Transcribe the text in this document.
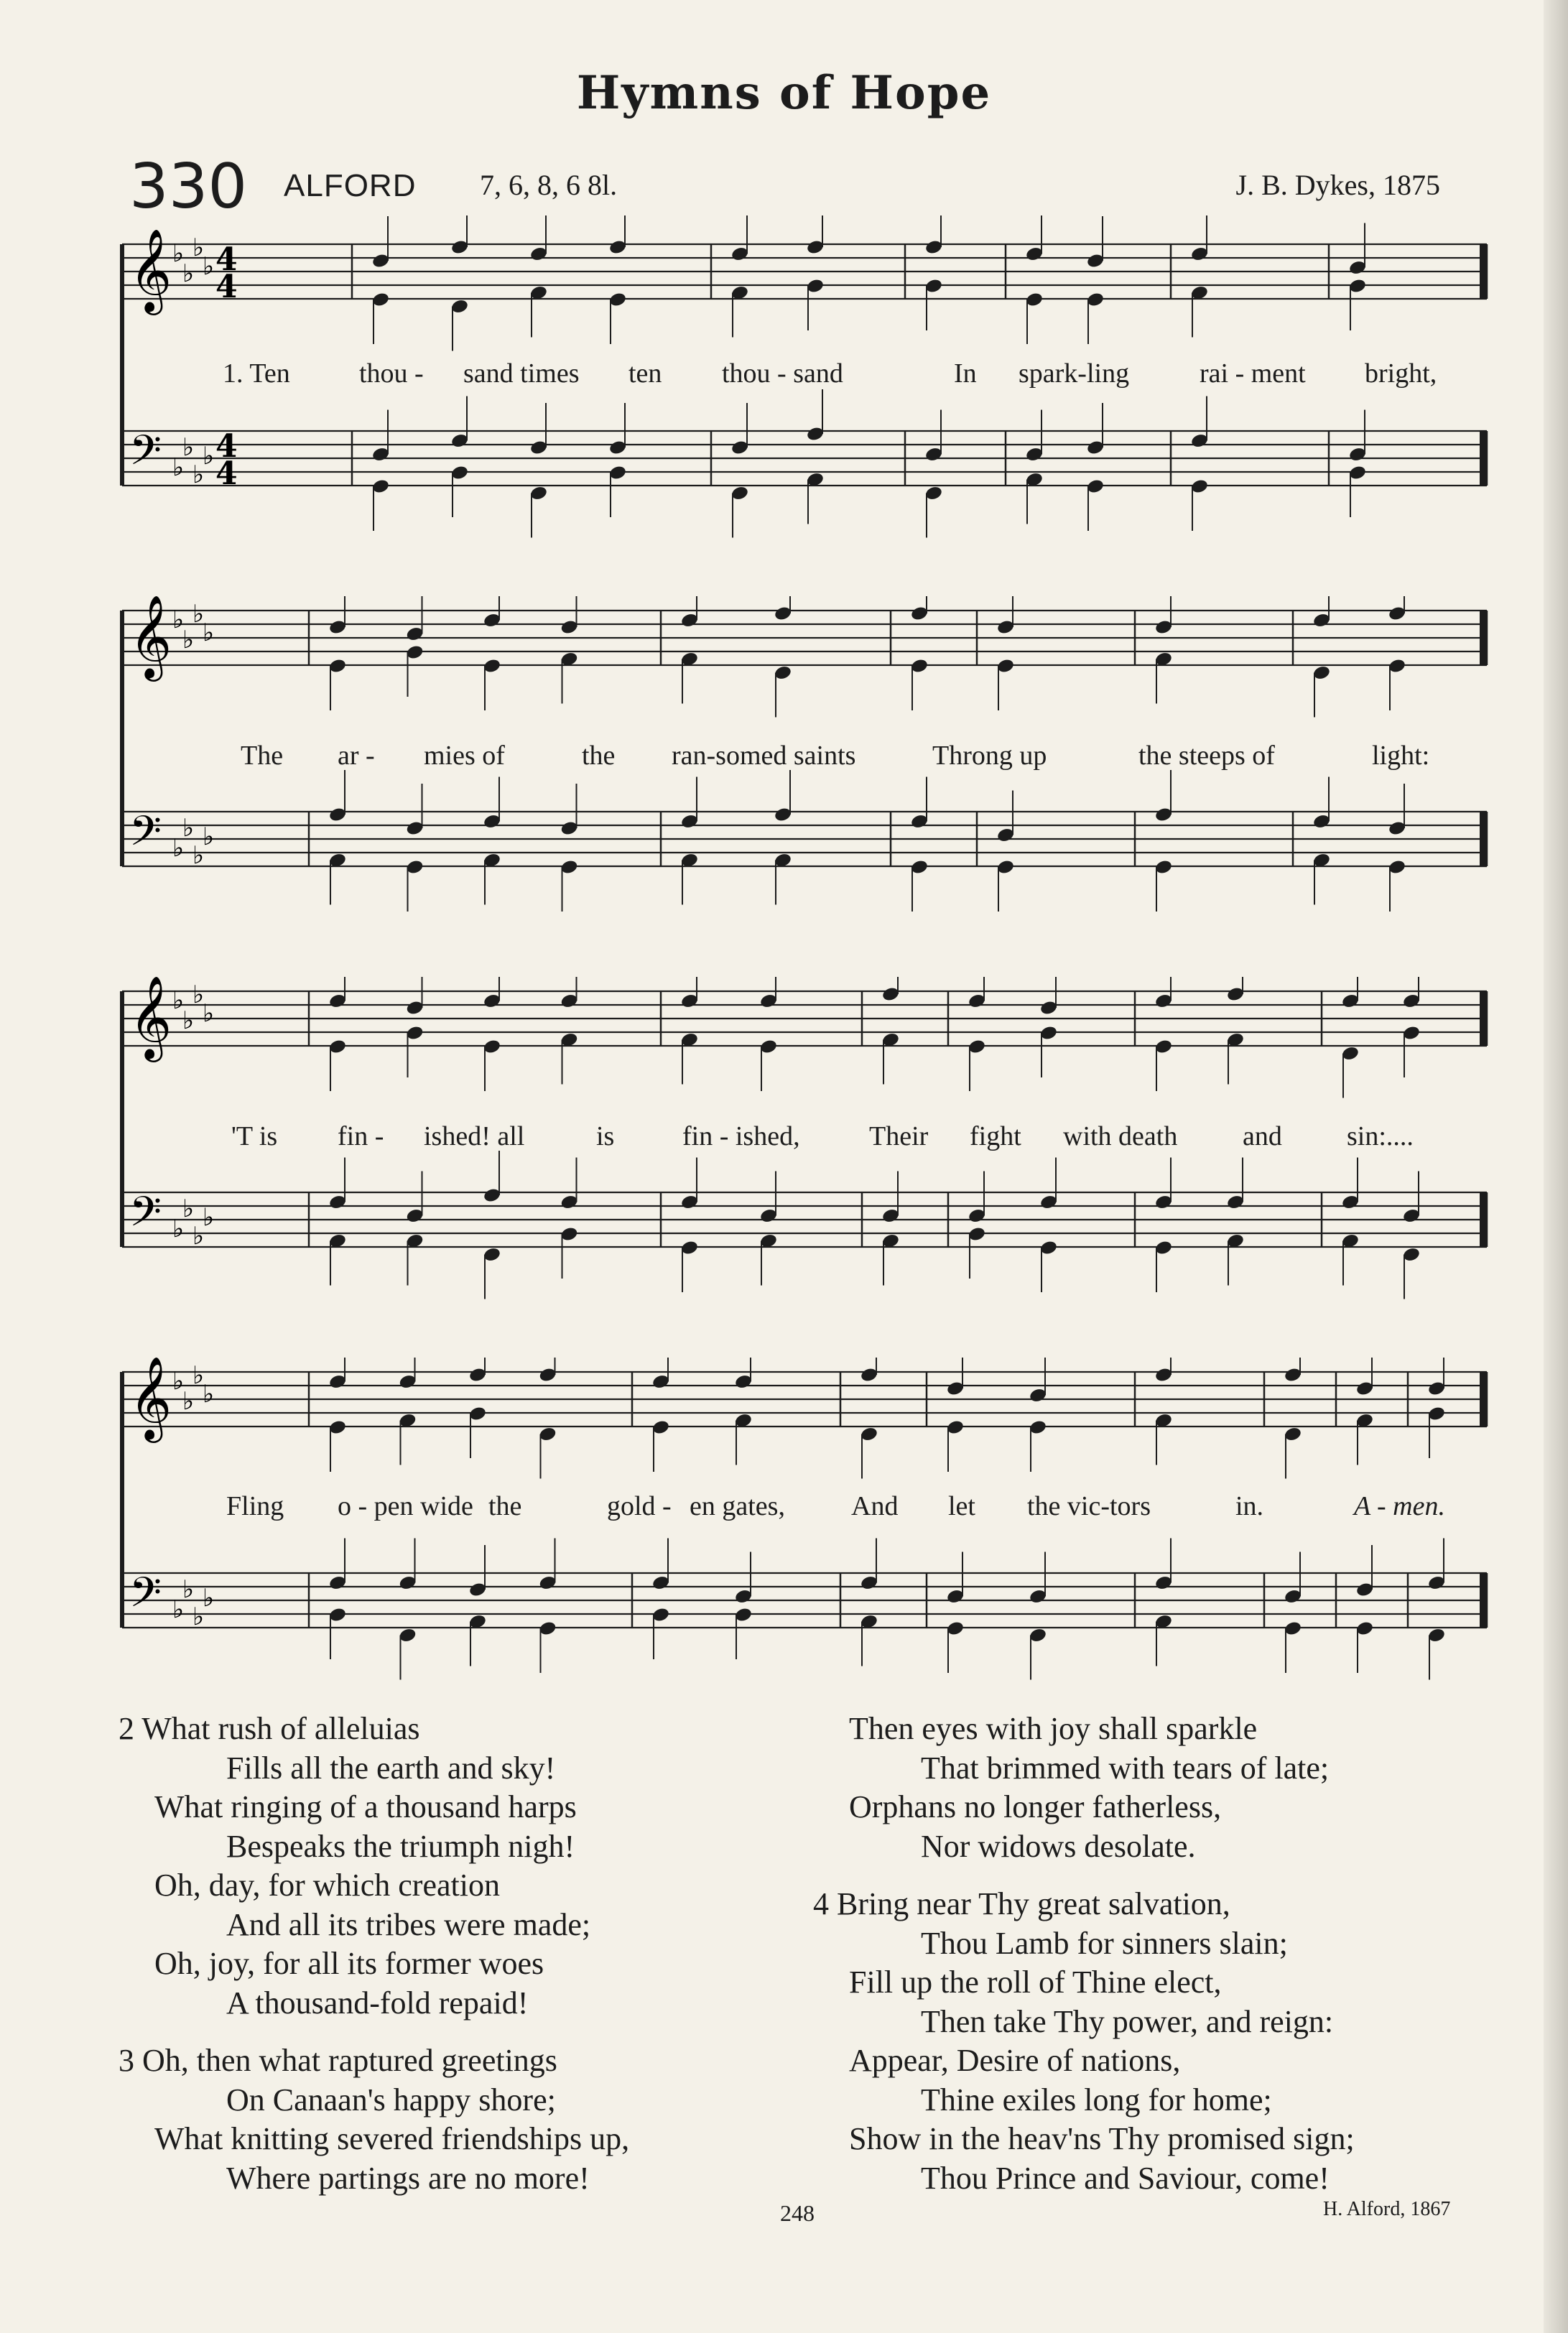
Hymns of Hope
330 ALFORD 7, 6, 8, 6 8l.	J. B. Dykes, 1875
𝄞 ♭
♭
♭
♭
𝄢 ♭
♭
♭
♭
4
4
4
4
1. Ten	thou - sand times ten thou - sand	In spark-ling	rai - ment bright,
𝄞 ♭
♭
♭
♭
𝄢 ♭
♭
♭
♭
The ar - mies of	the ran-somed saints	Throng up	the steeps of	light:
𝄞 ♭
♭
♭
♭
𝄢 ♭
♭
♭
♭
'T is fin - ished! all	is fin - ished,	Their fight with death and sin:....
𝄞 ♭
♭
♭
♭
𝄢 ♭
♭
♭
♭
Fling o - pen wide the	gold - en gates, And let the vic-tors	in.	A - men.
2 What rush of alleluias
Fills all the earth and sky!
What ringing of a thousand harps
Bespeaks the triumph nigh!
Oh, day, for which creation
And all its tribes were made;
Oh, joy, for all its former woes
A thousand-fold repaid!
3 Oh, then what raptured greetings
On Canaan's happy shore;
What knitting severed friendships up,
Where partings are no more!
Then eyes with joy shall sparkle
That brimmed with tears of late;
Orphans no longer fatherless,
Nor widows desolate.
4 Bring near Thy great salvation,
Thou Lamb for sinners slain;
Fill up the roll of Thine elect,
Then take Thy power, and reign:
Appear, Desire of nations,
Thine exiles long for home;
Show in the heav'ns Thy promised sign;
Thou Prince and Saviour, come!
248	H. Alford, 1867
